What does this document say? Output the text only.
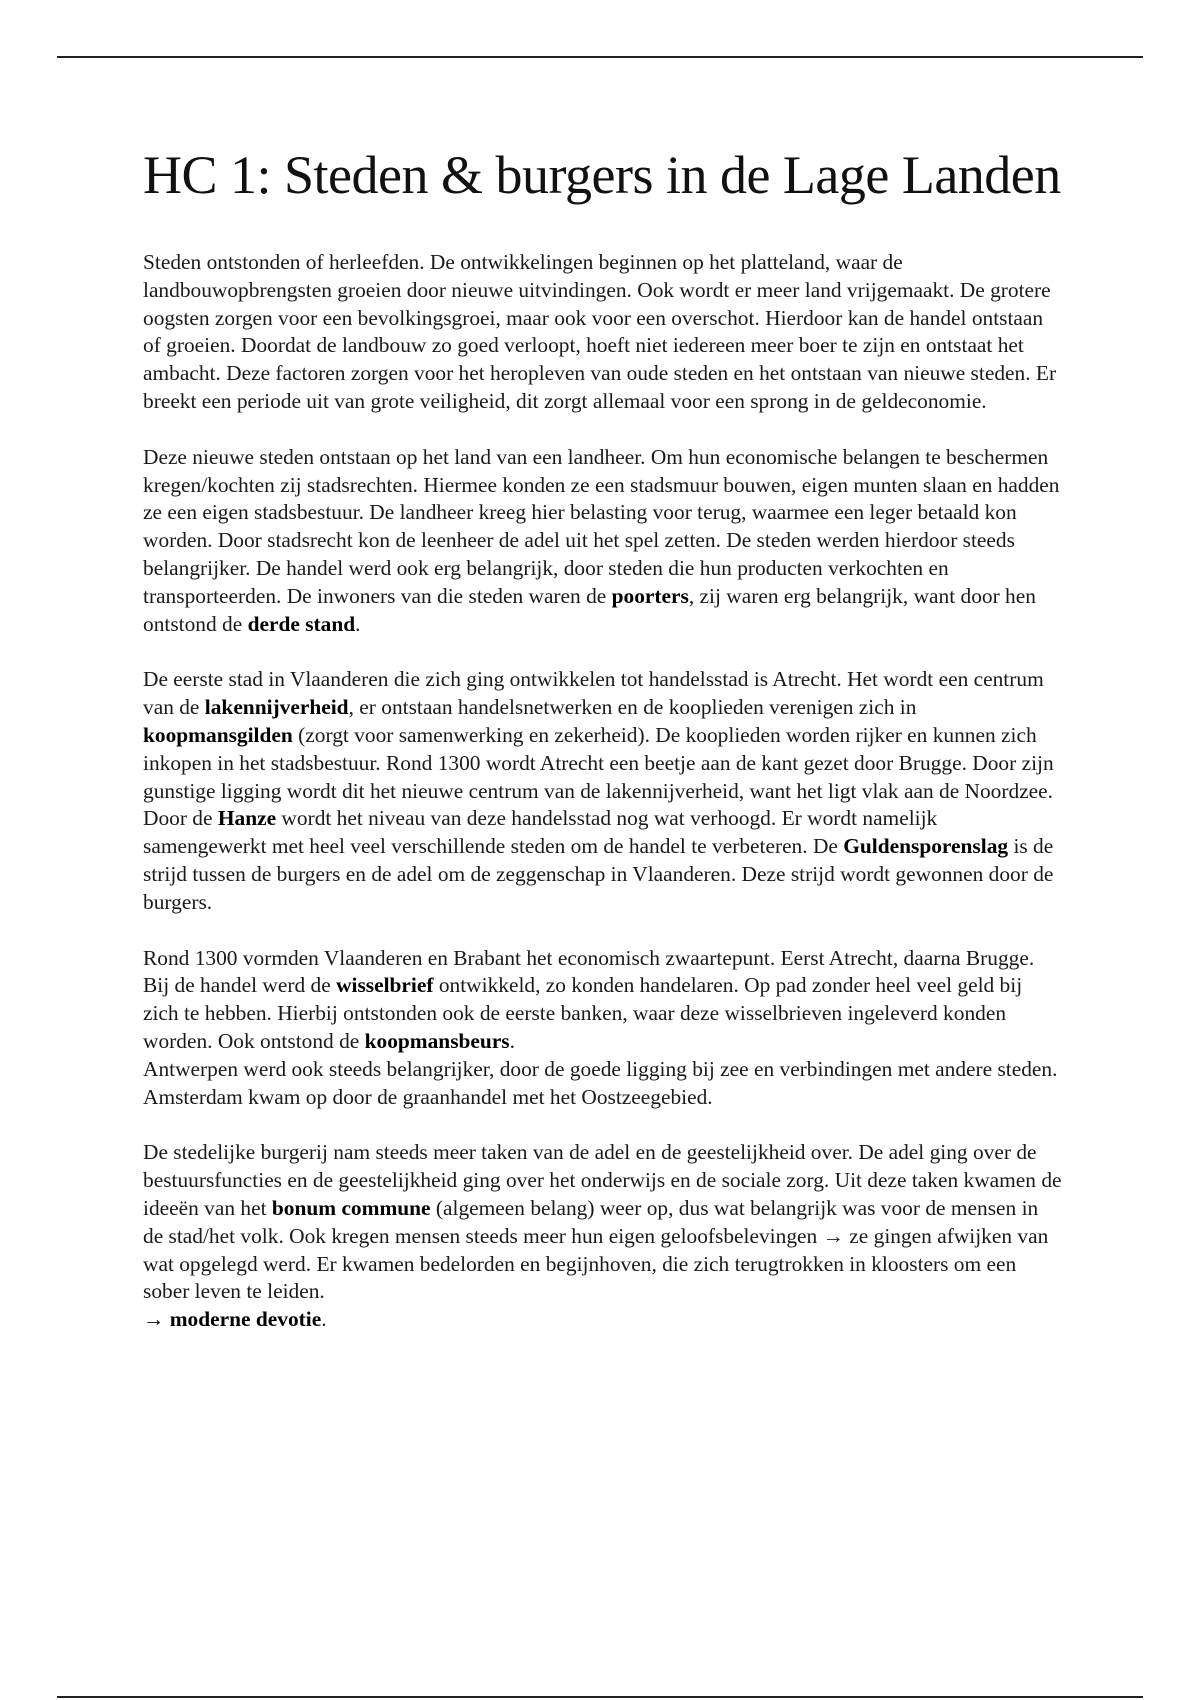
HC 1: Steden & burgers in de Lage Landen

Steden ontstonden of herleefden. De ontwikkelingen beginnen op het platteland, waar de landbouwopbrengsten groeien door nieuwe uitvindingen. Ook wordt er meer land vrijgemaakt. De grotere oogsten zorgen voor een bevolkingsgroei, maar ook voor een overschot. Hierdoor kan de handel ontstaan of groeien. Doordat de landbouw zo goed verloopt, hoeft niet iedereen meer boer te zijn en ontstaat het ambacht. Deze factoren zorgen voor het heropleven van oude steden en het ontstaan van nieuwe steden. Er breekt een periode uit van grote veiligheid, dit zorgt allemaal voor een sprong in de geldeconomie.

Deze nieuwe steden ontstaan op het land van een landheer. Om hun economische belangen te beschermen kregen/kochten zij stadsrechten. Hiermee konden ze een stadsmuur bouwen, eigen munten slaan en hadden ze een eigen stadsbestuur. De landheer kreeg hier belasting voor terug, waarmee een leger betaald kon worden. Door stadsrecht kon de leenheer de adel uit het spel zetten. De steden werden hierdoor steeds belangrijker. De handel werd ook erg belangrijk, door steden die hun producten verkochten en transporteerden. De inwoners van die steden waren de poorters, zij waren erg belangrijk, want door hen ontstond de derde stand.

De eerste stad in Vlaanderen die zich ging ontwikkelen tot handelsstad is Atrecht. Het wordt een centrum van de lakennijverheid, er ontstaan handelsnetwerken en de kooplieden verenigen zich in koopmansgilden (zorgt voor samenwerking en zekerheid). De kooplieden worden rijker en kunnen zich inkopen in het stadsbestuur. Rond 1300 wordt Atrecht een beetje aan de kant gezet door Brugge. Door zijn gunstige ligging wordt dit het nieuwe centrum van de lakennijverheid, want het ligt vlak aan de Noordzee. Door de Hanze wordt het niveau van deze handelsstad nog wat verhoogd. Er wordt namelijk samengewerkt met heel veel verschillende steden om de handel te verbeteren. De Guldensporenslag is de strijd tussen de burgers en de adel om de zeggenschap in Vlaanderen. Deze strijd wordt gewonnen door de burgers.

Rond 1300 vormden Vlaanderen en Brabant het economisch zwaartepunt. Eerst Atrecht, daarna Brugge. Bij de handel werd de wisselbrief ontwikkeld, zo konden handelaren. Op pad zonder heel veel geld bij zich te hebben. Hierbij ontstonden ook de eerste banken, waar deze wisselbrieven ingeleverd konden worden. Ook ontstond de koopmansbeurs.
Antwerpen werd ook steeds belangrijker, door de goede ligging bij zee en verbindingen met andere steden. Amsterdam kwam op door de graanhandel met het Oostzeegebied.

De stedelijke burgerij nam steeds meer taken van de adel en de geestelijkheid over. De adel ging over de bestuursfuncties en de geestelijkheid ging over het onderwijs en de sociale zorg. Uit deze taken kwamen de ideeën van het bonum commune (algemeen belang) weer op, dus wat belangrijk was voor de mensen in de stad/het volk. Ook kregen mensen steeds meer hun eigen geloofsbelevingen → ze gingen afwijken van wat opgelegd werd. Er kwamen bedelorden en begijnhoven, die zich terugtrokken in kloosters om een sober leven te leiden.
→ moderne devotie.
